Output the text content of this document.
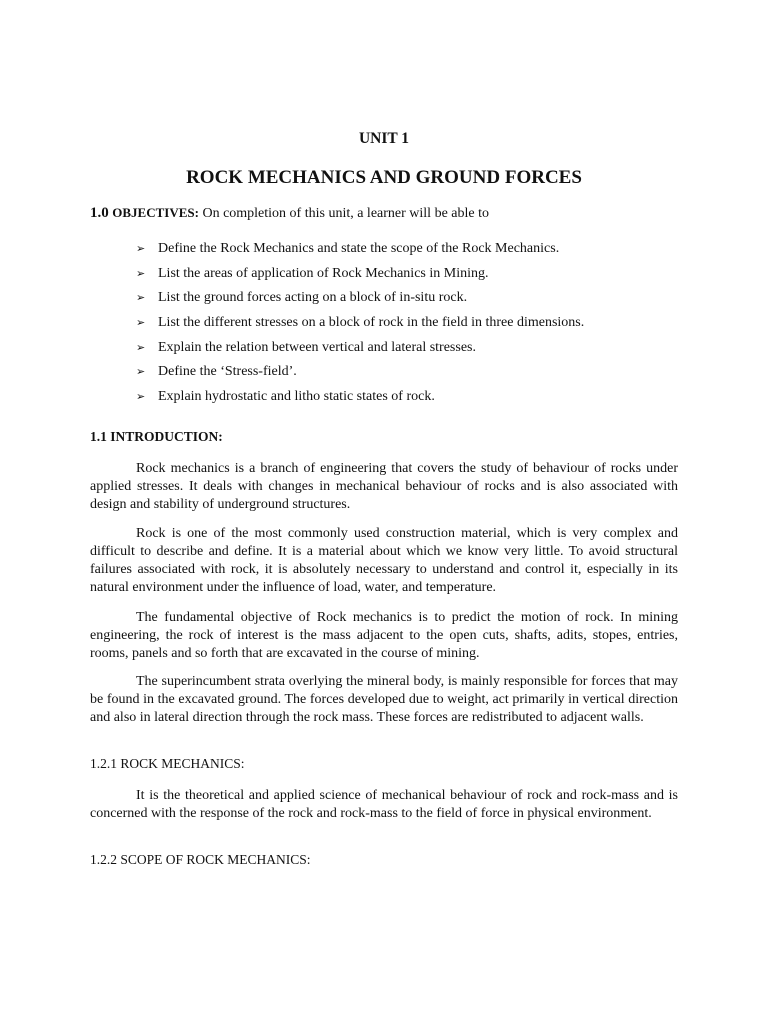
UNIT 1
ROCK MECHANICS AND GROUND FORCES
1.0 OBJECTIVES: On completion of this unit, a learner will be able to
➢ Define the Rock Mechanics and state the scope of the Rock Mechanics.
➢ List the areas of application of Rock Mechanics in Mining.
➢ List the ground forces acting on a block of in-situ rock.
➢ List the different stresses on a block of rock in the field in three dimensions.
➢ Explain the relation between vertical and lateral stresses.
➢ Define the ‘Stress-field’.
➢ Explain hydrostatic and litho static states of rock.
1.1 INTRODUCTION:

Rock mechanics is a branch of engineering that covers the study of behaviour of rocks under applied stresses. It deals with changes in mechanical behaviour of rocks and is also associated with design and stability of underground structures.

Rock is one of the most commonly used construction material, which is very complex and difficult to describe and define. It is a material about which we know very little. To avoid structural failures associated with rock, it is absolutely necessary to understand and control it, especially in its natural environment under the influence of load, water, and temperature.

The fundamental objective of Rock mechanics is to predict the motion of rock. In mining engineering, the rock of interest is the mass adjacent to the open cuts, shafts, adits, stopes, entries, rooms, panels and so forth that are excavated in the course of mining.

The superincumbent strata overlying the mineral body, is mainly responsible for forces that may be found in the excavated ground. The forces developed due to weight, act primarily in vertical direction and also in lateral direction through the rock mass. These forces are redistributed to adjacent walls.

1.2.1 ROCK MECHANICS:

It is the theoretical and applied science of mechanical behaviour of rock and rock-mass and is concerned with the response of the rock and rock-mass to the field of force in physical environment.

1.2.2 SCOPE OF ROCK MECHANICS:
